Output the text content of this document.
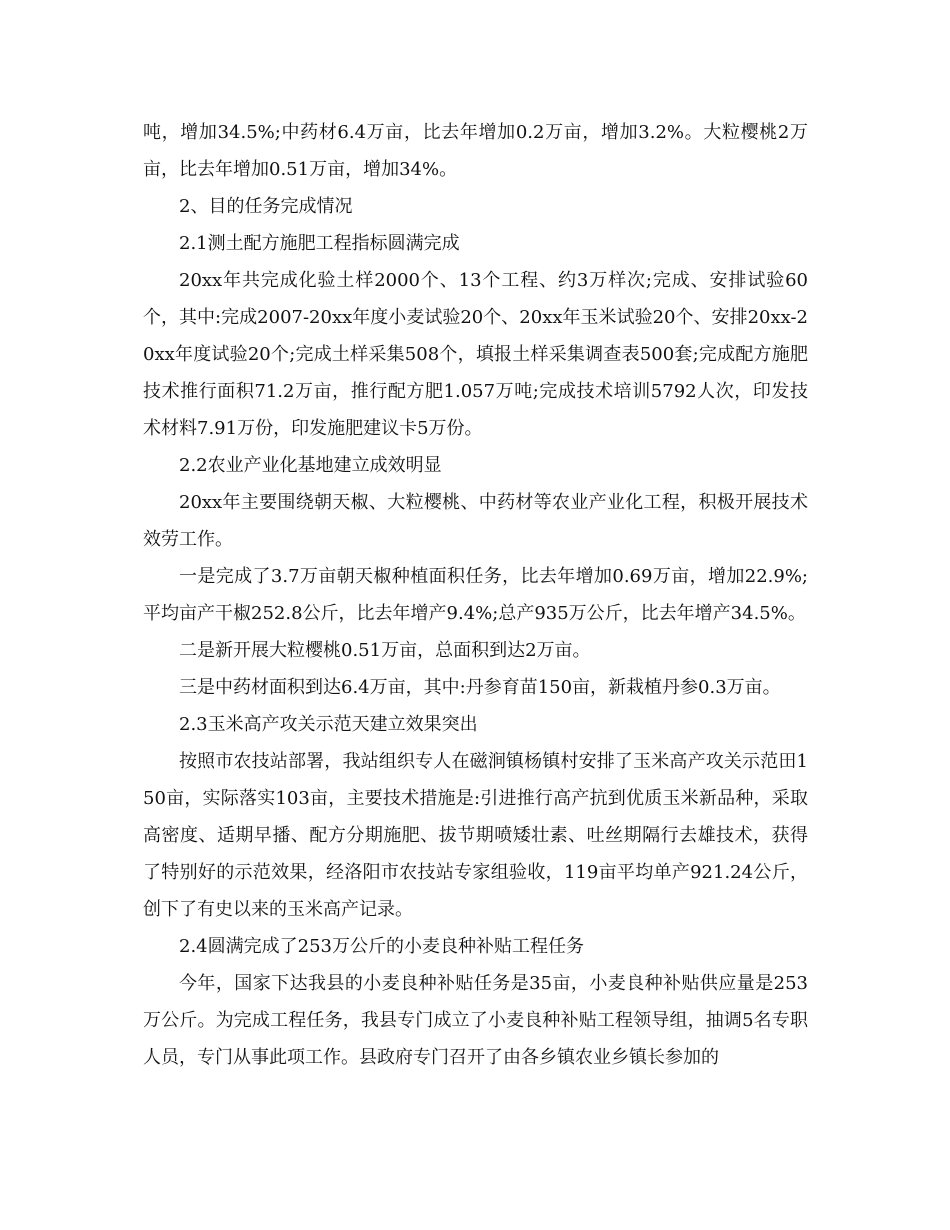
吨，增加34.5%;中药材6.4万亩，比去年增加0.2万亩，增加3.2%。大粒樱桃2万亩，比去年增加0.51万亩，增加34%。

2、目的任务完成情况

2.1测土配方施肥工程指标圆满完成

20xx年共完成化验土样2000个、13个工程、约3万样次;完成、安排试验60个，其中:完成2007-20xx年度小麦试验20个、20xx年玉米试验20个、安排20xx-20xx年度试验20个;完成土样采集508个，填报土样采集调查表500套;完成配方施肥技术推行面积71.2万亩，推行配方肥1.057万吨;完成技术培训5792人次，印发技术材料7.91万份，印发施肥建议卡5万份。

2.2农业产业化基地建立成效明显

20xx年主要围绕朝天椒、大粒樱桃、中药材等农业产业化工程，积极开展技术效劳工作。

一是完成了3.7万亩朝天椒种植面积任务，比去年增加0.69万亩，增加22.9%;平均亩产干椒252.8公斤，比去年增产9.4%;总产935万公斤，比去年增产34.5%。

二是新开展大粒樱桃0.51万亩，总面积到达2万亩。

三是中药材面积到达6.4万亩，其中:丹参育苗150亩，新栽植丹参0.3万亩。

2.3玉米高产攻关示范天建立效果突出

按照市农技站部署，我站组织专人在磁涧镇杨镇村安排了玉米高产攻关示范田150亩，实际落实103亩，主要技术措施是:引进推行高产抗到优质玉米新品种，采取高密度、适期早播、配方分期施肥、拔节期喷矮壮素、吐丝期隔行去雄技术，获得了特别好的示范效果，经洛阳市农技站专家组验收，119亩平均单产921.24公斤，创下了有史以来的玉米高产记录。

2.4圆满完成了253万公斤的小麦良种补贴工程任务

今年，国家下达我县的小麦良种补贴任务是35亩，小麦良种补贴供应量是253万公斤。为完成工程任务，我县专门成立了小麦良种补贴工程领导组，抽调5名专职人员，专门从事此项工作。县政府专门召开了由各乡镇农业乡镇长参加的
